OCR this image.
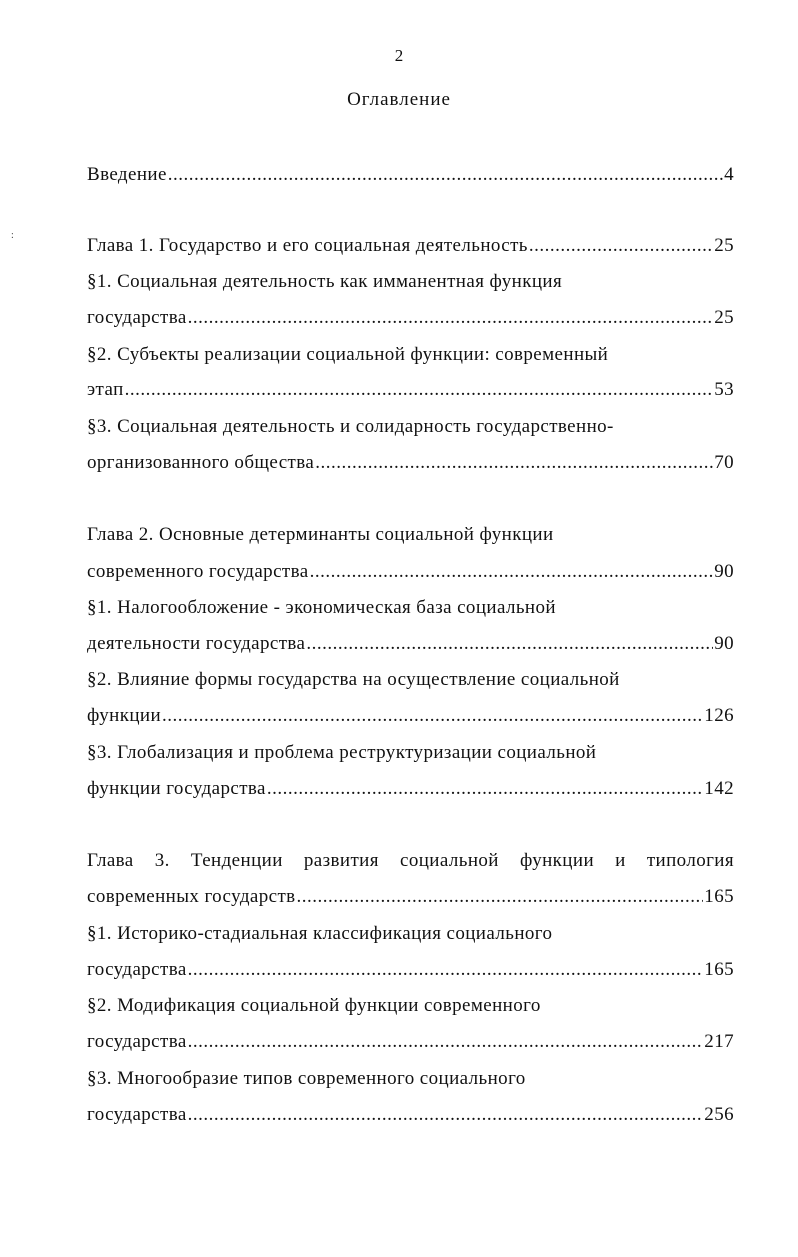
2
Оглавление
:
Введение .....	4
Глава 1. Государство и его социальная деятельность .....	25
§1. Социальная деятельность как имманентная функция
государства .....	25
§2. Субъекты реализации социальной функции: современный
этап .....	53
§3. Социальная деятельность и солидарность государственно-
организованного общества .....	70
Глава 2. Основные детерминанты социальной функции
современного государства .....	90
§1. Налогообложение - экономическая база социальной
деятельности государства .....	90
§2. Влияние формы государства на осуществление социальной
функции .....	126
§3. Глобализация и проблема реструктуризации социальной
функции государства .....	142
Глава 3. Тенденции развития социальной функции и типология
современных государств .....	165
§1. Историко-стадиальная классификация социального
государства .....	165
§2. Модификация социальной функции современного
государства .....	217
§3. Многообразие типов современного социального
государства .....	256
